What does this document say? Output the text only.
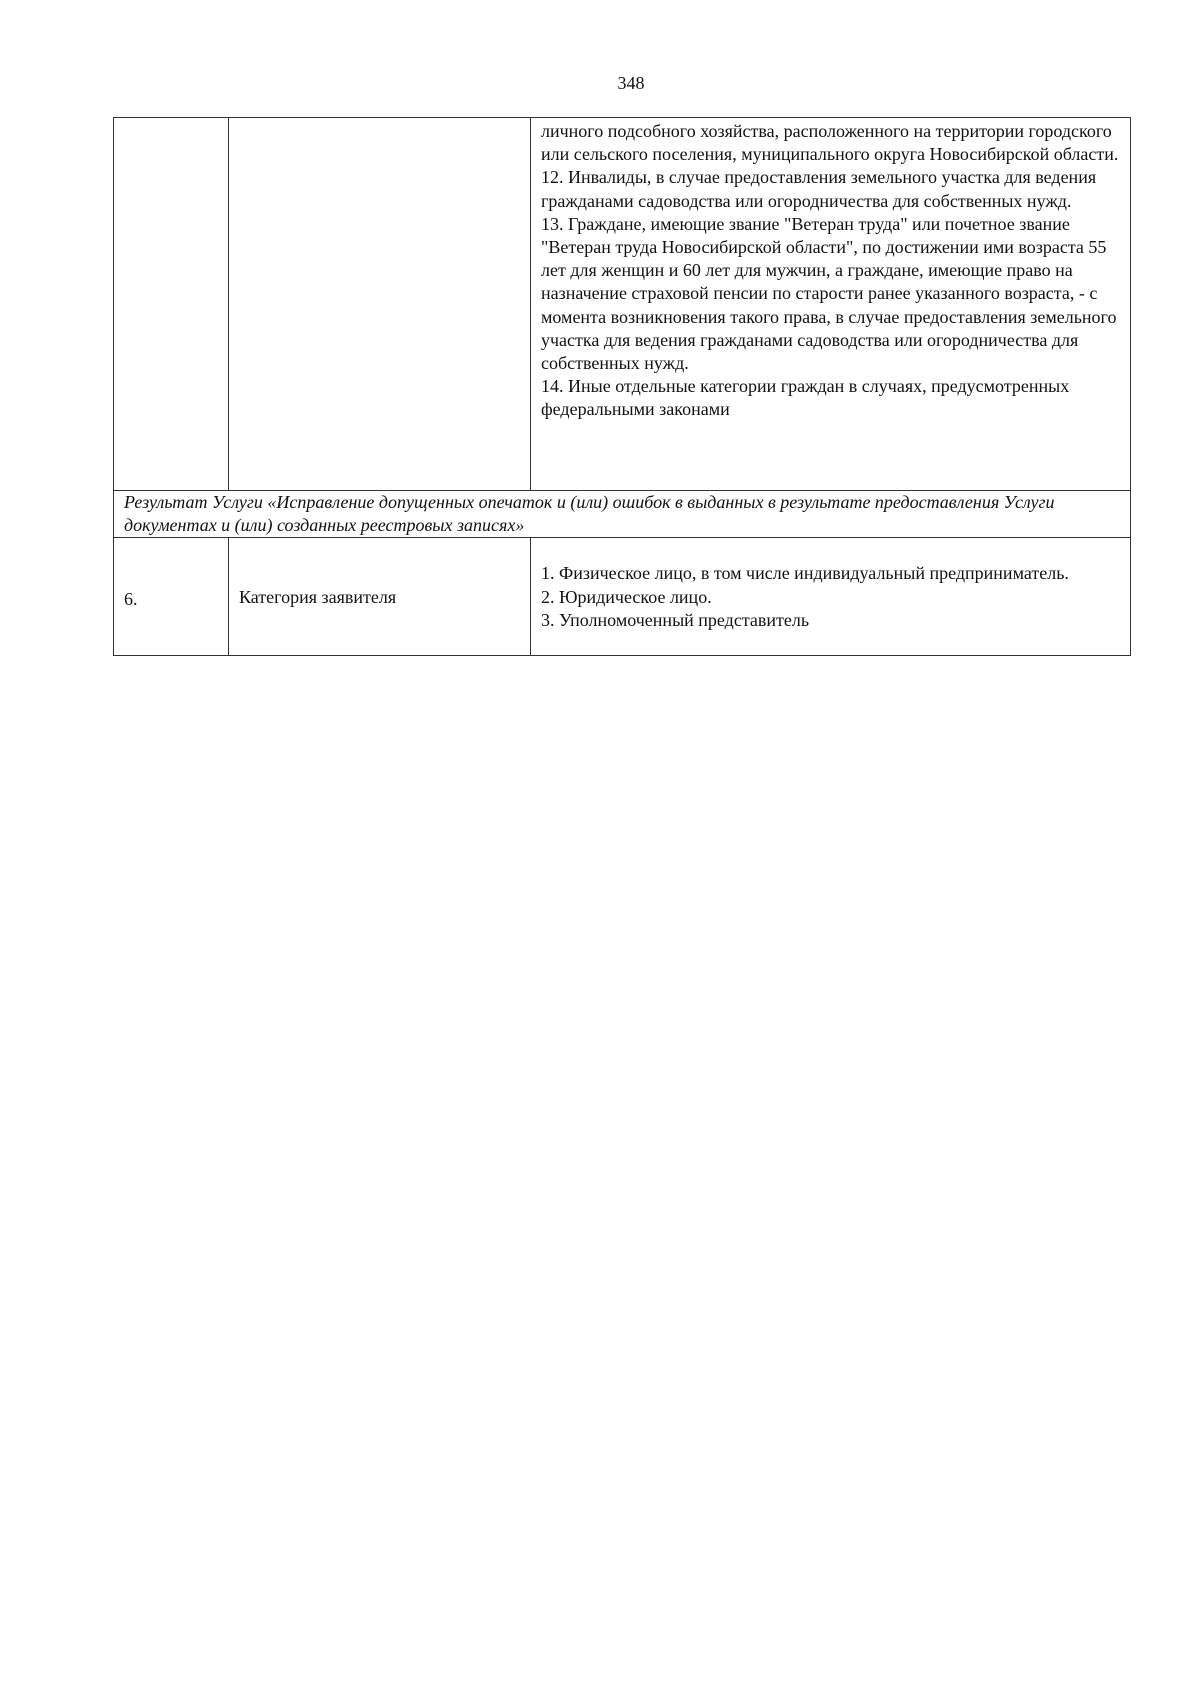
348

		личного подсобного хозяйства, расположенного на территории городского или сельского поселения, муниципального округа Новосибирской области.

12. Инвалиды, в случае предоставления земельного участка для ведения гражданами садоводства или огородничества для собственных нужд.

13. Граждане, имеющие звание "Ветеран труда" или почетное звание "Ветеран труда Новосибирской области", по достижении ими возраста 55 лет для женщин и 60 лет для мужчин, а граждане, имеющие право на назначение страховой пенсии по старости ранее указанного возраста, - с момента возникновения такого права, в случае предоставления земельного участка для ведения гражданами садоводства или огородничества для собственных нужд.

14. Иные отдельные категории граждан в случаях, предусмотренных федеральными законами

Результат Услуги «Исправление допущенных опечаток и (или) ошибок в выданных в результате предоставления Услуги документах и (или) созданных реестровых записях»		

6.	Категория заявителя	1. Физическое лицо, в том числе индивидуальный предприниматель.

2. Юридическое лицо.

3. Уполномоченный представитель
